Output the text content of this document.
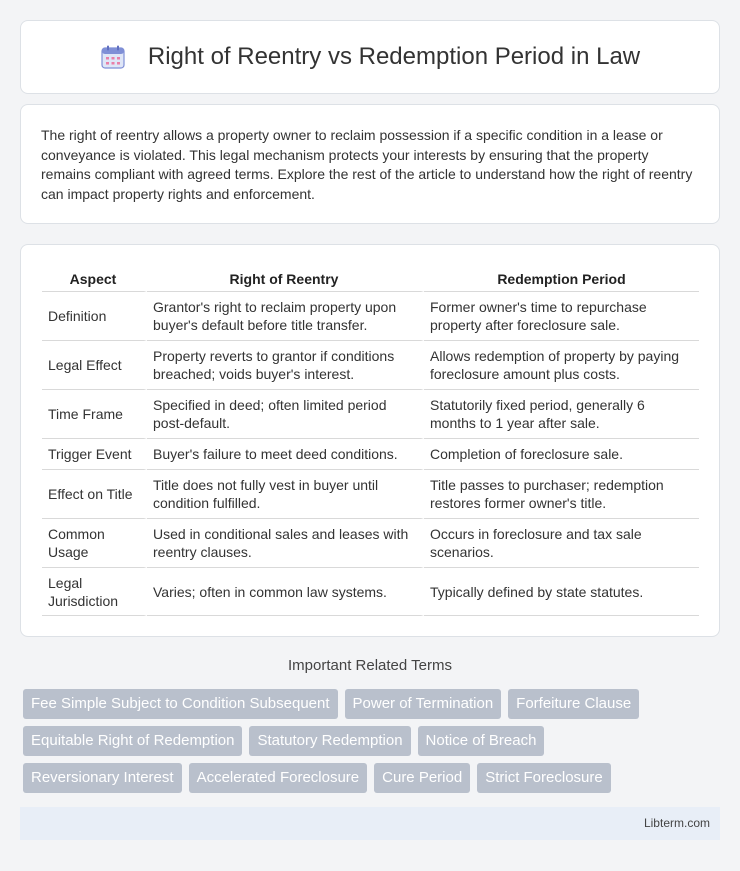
Right of Reentry vs Redemption Period in Law

The right of reentry allows a property owner to reclaim possession if a specific condition in a lease or conveyance is violated. This legal mechanism protects your interests by ensuring that the property remains compliant with agreed terms. Explore the rest of the article to understand how the right of reentry can impact property rights and enforcement.

Aspect	Right of Reentry	Redemption Period
Definition	Grantor's right to reclaim property upon buyer's default before title transfer.	Former owner's time to repurchase property after foreclosure sale.
Legal Effect	Property reverts to grantor if conditions breached; voids buyer's interest.	Allows redemption of property by paying foreclosure amount plus costs.
Time Frame	Specified in deed; often limited period post-default.	Statutorily fixed period, generally 6 months to 1 year after sale.
Trigger Event	Buyer's failure to meet deed conditions.	Completion of foreclosure sale.
Effect on Title	Title does not fully vest in buyer until condition fulfilled.	Title passes to purchaser; redemption restores former owner's title.
Common Usage	Used in conditional sales and leases with reentry clauses.	Occurs in foreclosure and tax sale scenarios.
Legal Jurisdiction	Varies; often in common law systems.	Typically defined by state statutes.
Important Related Terms
Fee Simple Subject to Condition Subsequent	Power of Termination	Forfeiture Clause
Equitable Right of Redemption	Statutory Redemption	Notice of Breach
Reversionary Interest	Accelerated Foreclosure	Cure Period	Strict Foreclosure
Libterm.com
